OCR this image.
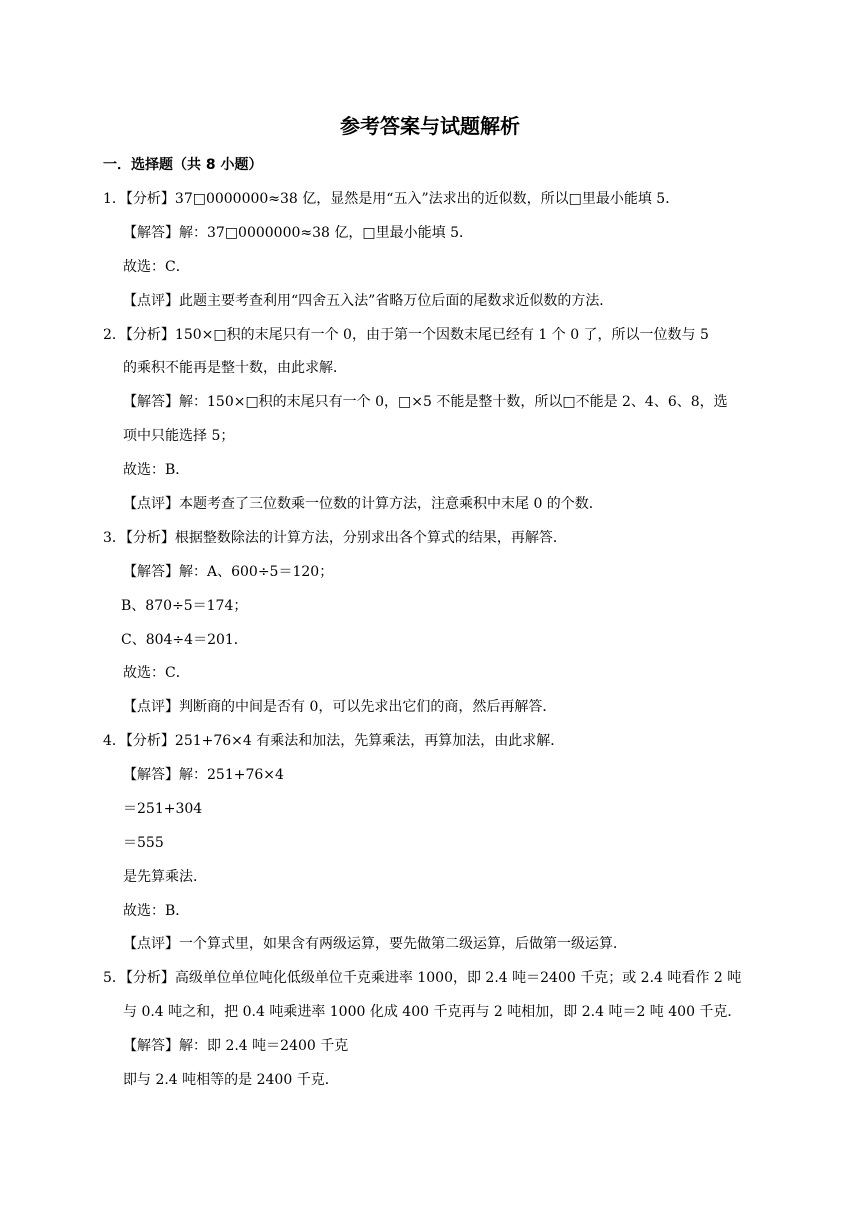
参考答案与试题解析
一．选择题（共 8 小题）
1．【分析】37□0000000≈38 亿，显然是用“五入”法求出的近似数，所以□里最小能填 5．
【解答】解：37□0000000≈38 亿，□里最小能填 5．
故选：C．
【点评】此题主要考查利用“四舍五入法”省略万位后面的尾数求近似数的方法．
2．【分析】150×□积的末尾只有一个 0，由于第一个因数末尾已经有 1 个 0 了，所以一位数与 5
的乘积不能再是整十数，由此求解．
【解答】解：150×□积的末尾只有一个 0，□×5 不能是整十数，所以□不能是 2、4、6、8，选
项中只能选择 5；
故选：B．
【点评】本题考查了三位数乘一位数的计算方法，注意乘积中末尾 0 的个数．
3．【分析】根据整数除法的计算方法，分别求出各个算式的结果，再解答．
【解答】解：A、600÷5＝120；
B、870÷5＝174；
C、804÷4＝201．
故选：C．
【点评】判断商的中间是否有 0，可以先求出它们的商，然后再解答．
4．【分析】251+76×4 有乘法和加法，先算乘法，再算加法，由此求解．
【解答】解：251+76×4
＝251+304
＝555
是先算乘法．
故选：B．
【点评】一个算式里，如果含有两级运算，要先做第二级运算，后做第一级运算．
5．【分析】高级单位单位吨化低级单位千克乘进率 1000，即 2.4 吨＝2400 千克；或 2.4 吨看作 2 吨
与 0.4 吨之和，把 0.4 吨乘进率 1000 化成 400 千克再与 2 吨相加，即 2.4 吨＝2 吨 400 千克．
【解答】解：即 2.4 吨＝2400 千克
即与 2.4 吨相等的是 2400 千克．
